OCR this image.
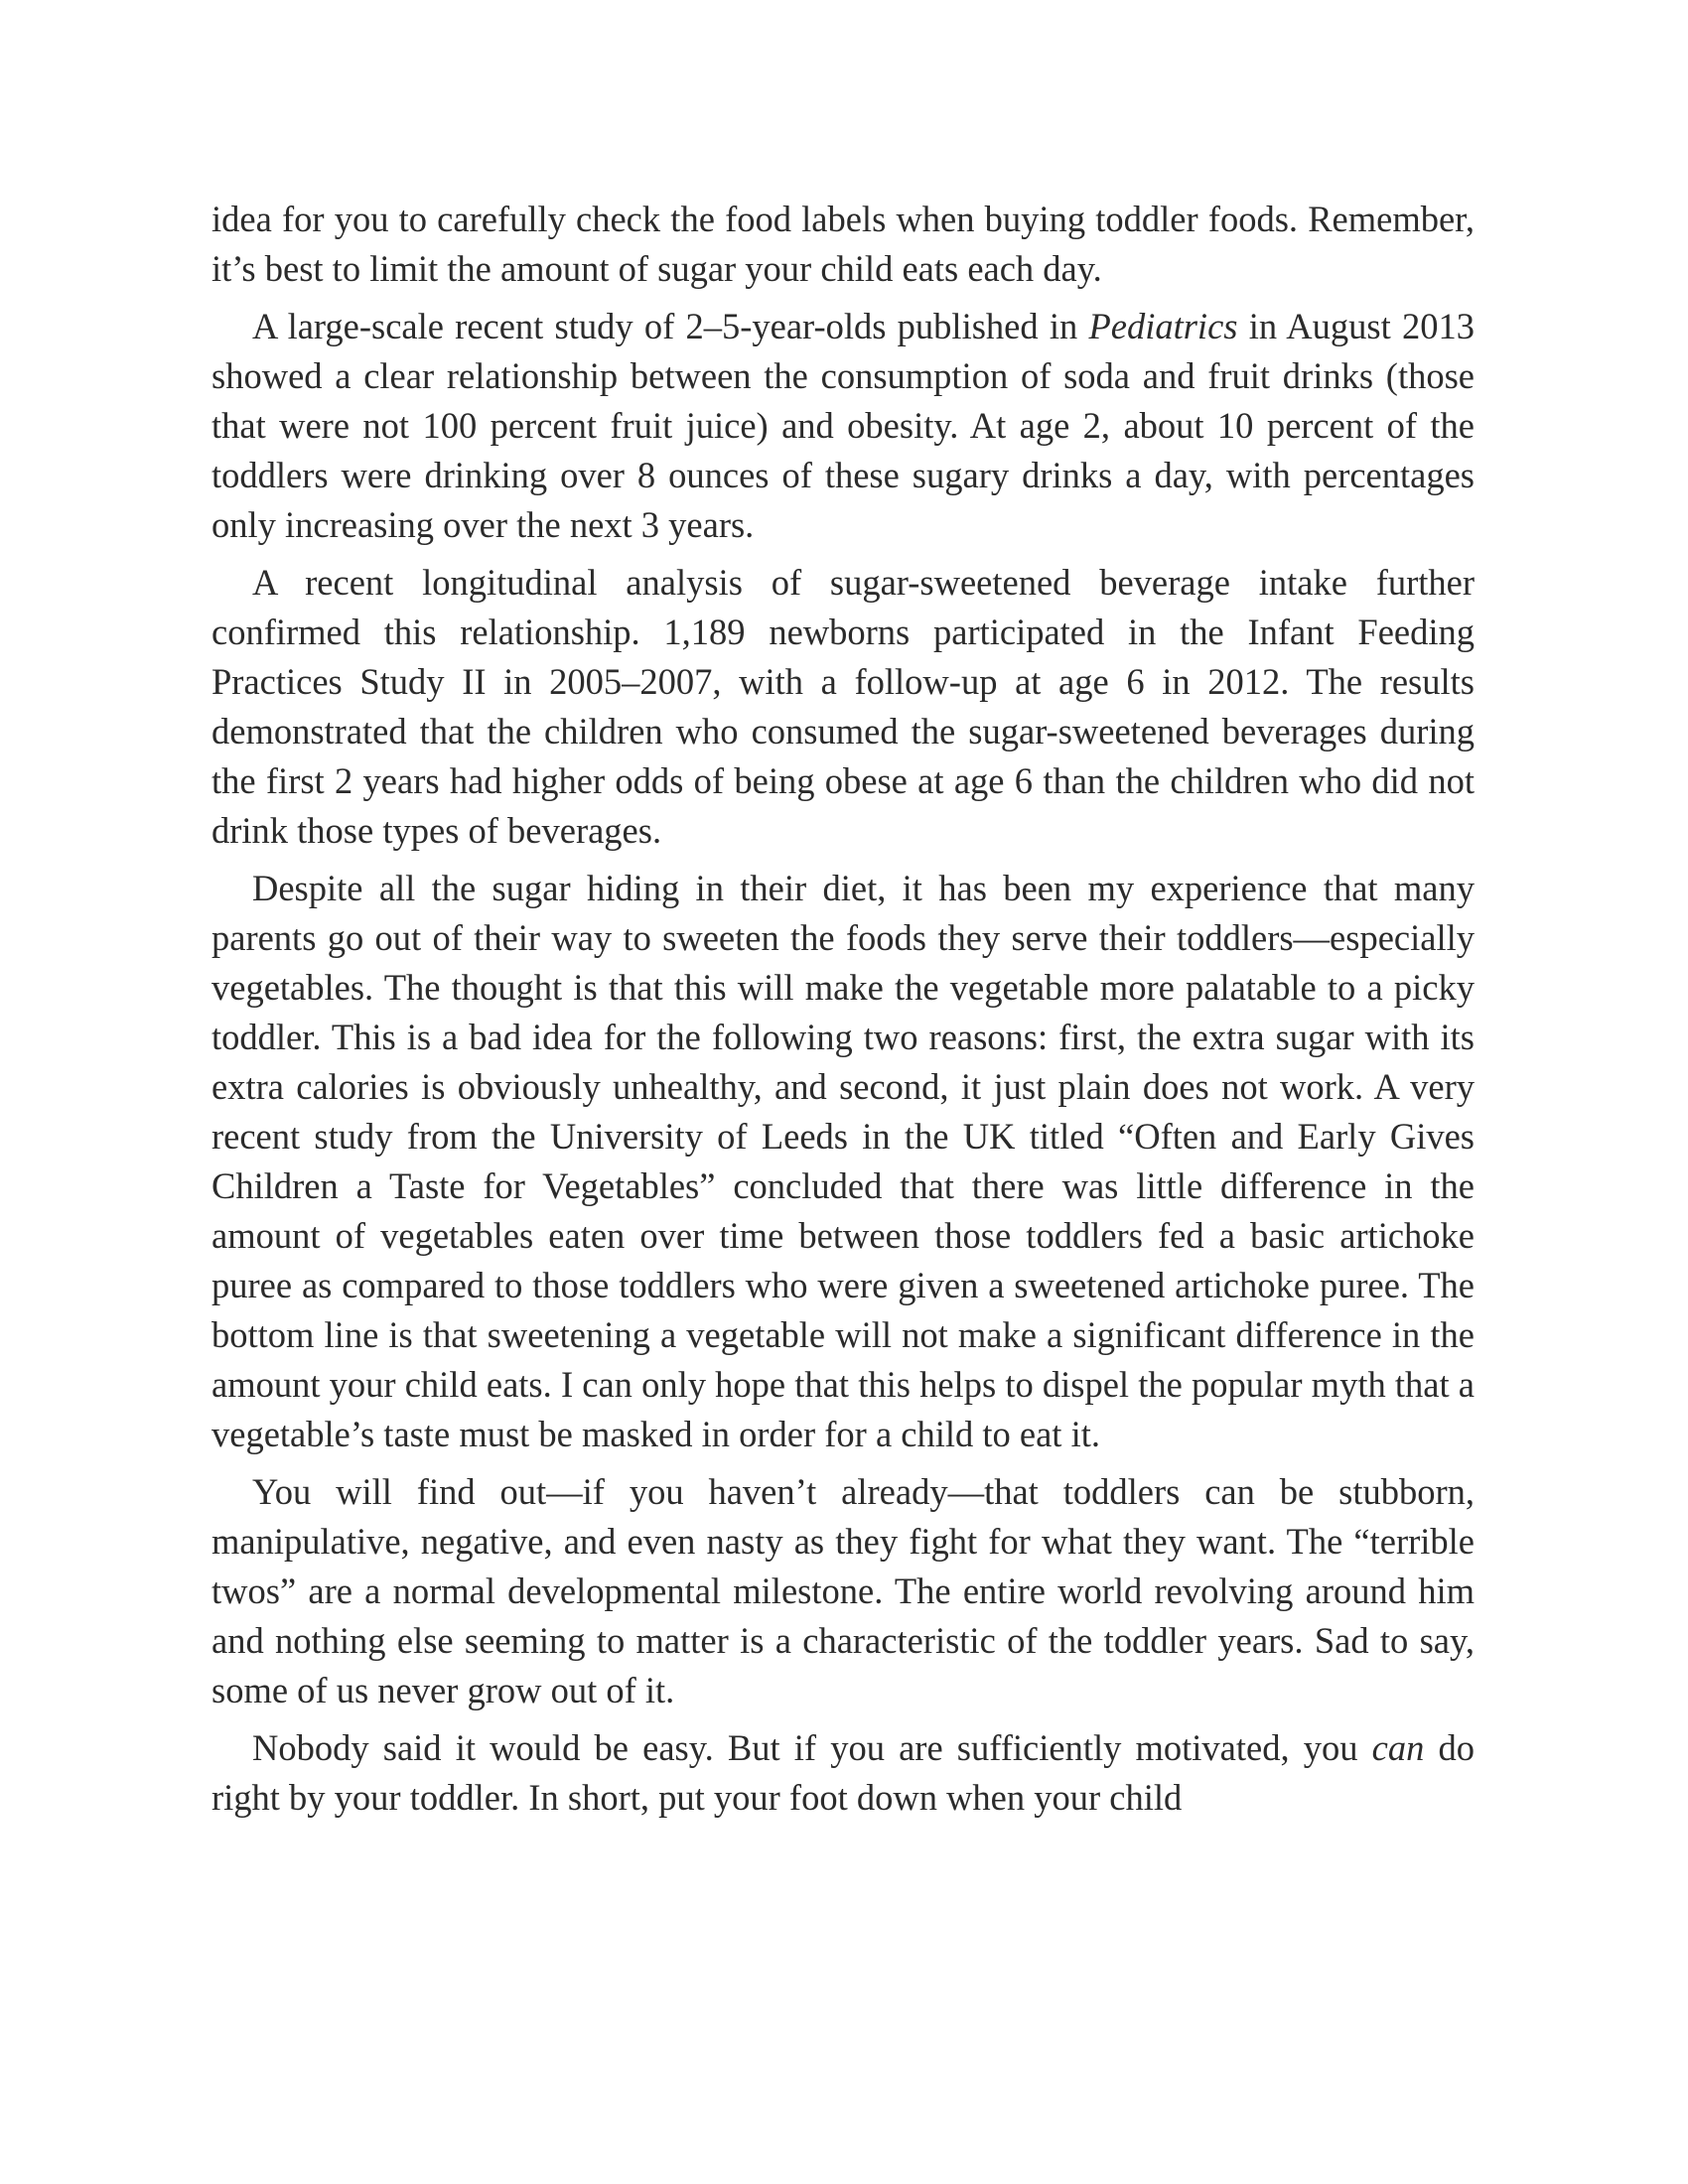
idea for you to carefully check the food labels when buying toddler foods. Remember, it’s best to limit the amount of sugar your child eats each day.

A large-scale recent study of 2–5-year-olds published in Pediatrics in August 2013 showed a clear relationship between the consumption of soda and fruit drinks (those that were not 100 percent fruit juice) and obesity. At age 2, about 10 percent of the toddlers were drinking over 8 ounces of these sugary drinks a day, with percentages only increasing over the next 3 years.

A recent longitudinal analysis of sugar-sweetened beverage intake further confirmed this relationship. 1,189 newborns participated in the Infant Feeding Practices Study II in 2005–2007, with a follow-up at age 6 in 2012. The results demonstrated that the children who consumed the sugar-sweetened beverages during the first 2 years had higher odds of being obese at age 6 than the children who did not drink those types of beverages.

Despite all the sugar hiding in their diet, it has been my experience that many parents go out of their way to sweeten the foods they serve their toddlers—especially vegetables. The thought is that this will make the vegetable more palatable to a picky toddler. This is a bad idea for the following two reasons: first, the extra sugar with its extra calories is obviously unhealthy, and second, it just plain does not work. A very recent study from the University of Leeds in the UK titled “Often and Early Gives Children a Taste for Vegetables” concluded that there was little difference in the amount of vegetables eaten over time between those toddlers fed a basic artichoke puree as compared to those toddlers who were given a sweetened artichoke puree. The bottom line is that sweetening a vegetable will not make a significant difference in the amount your child eats. I can only hope that this helps to dispel the popular myth that a vegetable’s taste must be masked in order for a child to eat it.

You will find out—if you haven’t already—that toddlers can be stubborn, manipulative, negative, and even nasty as they fight for what they want. The “terrible twos” are a normal developmental milestone. The entire world revolving around him and nothing else seeming to matter is a characteristic of the toddler years. Sad to say, some of us never grow out of it.

Nobody said it would be easy. But if you are sufficiently motivated, you can do right by your toddler. In short, put your foot down when your child
